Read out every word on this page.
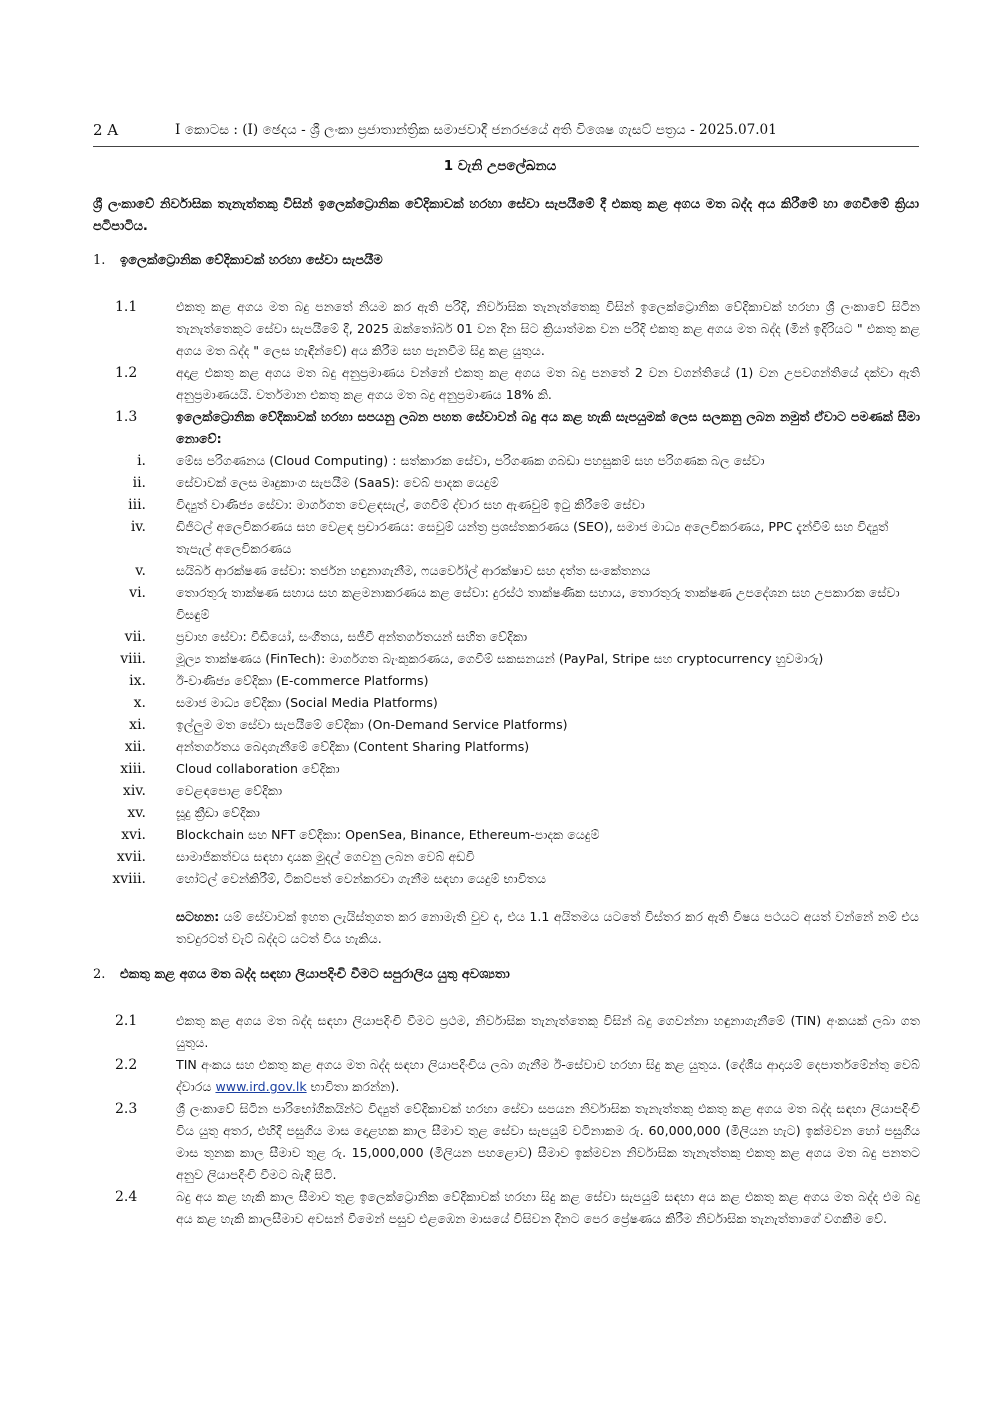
2 A	I කොටස : (I) ඡෙදය - ශ්‍රී ලංකා ප්‍රජාතාන්ත්‍රික සමාජවාදී ජනරජයේ අති විශෙෂ ගැසට් පත්‍රය - 2025.07.01
1 වැනි උපලේඛනය
ශ්‍රී ලංකාවේ නිර්වාසික තැනැත්තකු විසින් ඉලෙක්ට්‍රොනික වේදිකාවක් හරහා සේවා සැපයීමේ දී එකතු කළ අගය මත බද්ද අය කිරීමේ හා ගෙවීමේ ක්‍රියා පටිපාටිය.
1.	ඉලෙක්ට්‍රොනික වේදිකාවක් හරහා සේවා සැපයීම
1.1	එකතු කළ අගය මත බදු පනතේ නියම කර ඇති පරිදි, නිර්වාසික තැනැත්තෙකු විසින් ඉලෙක්ට්‍රොනික වේදිකාවක් හරහා ශ්‍රී ලංකාවේ සිටින තැනැත්තෙකුට සේවා සැපයීමේ දී, 2025 ඔක්තෝබර් 01 වන දින සිට ක්‍රියාත්මක වන පරිදි එකතු කළ අගය මත බද්ද (මින් ඉදිරියට " එකතු කළ අගය මත බද්ද " ලෙස හැඳින්වේ) අය කිරීම සහ පැනවීම සිදු කළ යුතුය.
1.2	අදාළ එකතු කළ අගය මත බදු අනුප්‍රමාණය වන්නේ එකතු කළ අගය මත බදු පනතේ 2 වන වගන්තියේ (1) වන උපවගන්තියේ දක්වා ඇති අනුප්‍රමාණයයි. වර්තමාන එකතු කළ අගය මත බදු අනුප්‍රමාණය 18% කි.
1.3	ඉලෙක්ට්‍රොනික වේදිකාවක් හරහා සපයනු ලබන පහත සේවාවන් බදු අය කළ හැකි සැපයුමක් ලෙස සලකනු ලබන නමුත් ඒවාට පමණක් සීමා නොවේ:
i. මේඝ පරිගණනය (Cloud Computing) : සත්කාරක සේවා, පරිගණක ගබඩා පහසුකම් සහ පරිගණක බල සේවා
ii. සේවාවක් ලෙස මෘදුකාංග සැපයීම (SaaS): වෙබ් පාදක යෙදුම්
iii. විද්‍යුත් වාණිජ්‍ය සේවා: මාර්ගගත වෙළඳසැල්, ගෙවීම් ද්වාර සහ ඇණවුම් ඉටු කිරීමේ සේවා
iv. ඩිජිටල් අලෙවිකරණය සහ වෙළඳ ප්‍රචාරණය: සෙවුම් යන්ත්‍ර ප්‍රශස්තකරණය (SEO), සමාජ මාධ්‍ය අලෙවිකරණය, PPC දැන්වීම් සහ විද්‍යුත් තැපැල් අලෙවිකරණය
v. සයිබර් ආරක්ෂණ සේවා: තර්ජන හඳුනාගැනීම, ෆයර්වෝල් ආරක්ෂාව සහ දත්ත සංකේතනය
vi. තොරතුරු තාක්ෂණ සහාය සහ කළමනාකරණය කළ සේවා: දුරස්ථ තාක්ෂණික සහාය, තොරතුරු තාක්ෂණ උපදේශන සහ උපකාරක සේවා විසඳුම්
vii. ප්‍රවාහ සේවා: වීඩියෝ, සංගීතය, සජීවී අන්තර්ගතයන් සහිත වේදිකා
viii. මූල්‍ය තාක්ෂණය (FinTech): මාර්ගගත බැංකුකරණය, ගෙවීම් සකසනයන් (PayPal, Stripe සහ cryptocurrency හුවමාරු)
ix. ඊ-වාණිජ්‍ය වේදිකා (E-commerce Platforms)
x. සමාජ මාධ්‍ය වේදිකා (Social Media Platforms)
xi. ඉල්ලුම මත සේවා සැපයීමේ වේදිකා (On-Demand Service Platforms)
xii. අන්තර්ගතය බෙදාගැනීමේ වේදිකා (Content Sharing Platforms)
xiii. Cloud collaboration වේදිකා
xiv. වෙළඳපොළ වේදිකා
xv. සූදු ක්‍රීඩා වේදිකා
xvi. Blockchain සහ NFT වේදිකා: OpenSea, Binance, Ethereum-පාදක යෙදුම්
xvii. සාමාජිකත්වය සඳහා දායක මුදල් ගෙවනු ලබන වෙබ් අඩවි
xviii. හෝටල් වෙන්කිරීම්, ටිකට්පත් වෙන්කරවා ගැනීම සඳහා යෙදුම් භාවිතය
සටහන: යම් සේවාවක් ඉහත ලැයිස්තුගත කර නොමැති වුව ද, එය 1.1 අයිතමය යටතේ විස්තර කර ඇති විෂය පථයට අයත් වන්නේ නම් එය තවදුරටත් වැට් බද්දට යටත් විය හැකිය.
2.	එකතු කළ අගය මත බද්ද සඳහා ලියාපදිංචි වීමට සපුරාලිය යුතු අවශ්‍යතා
2.1	එකතු කළ අගය මත බද්ද සඳහා ලියාපදිංචි වීමට ප්‍රථම, නිර්වාසික තැනැත්තෙකු විසින් බදු ගෙවන්නා හඳුනාගැනීමේ (TIN) අංකයක් ලබා ගත යුතුය.
2.2	TIN අංකය සහ එකතු කළ අගය මත බද්ද සඳහා ලියාපදිංචිය ලබා ගැනීම ඊ-සේවාව හරහා සිදු කළ යුතුය. (දේශීය ආදායම් දෙපාර්තමේන්තු වෙබ් ද්වාරය www.ird.gov.lk භාවිතා කරන්න).
2.3	ශ්‍රී ලංකාවේ සිටින පාරිභෝගිකයින්ට විද්‍යුත් වේදිකාවක් හරහා සේවා සපයන නිර්වාසික තැනැත්තකු එකතු කළ අගය මත බද්ද සඳහා ලියාපදිංචි විය යුතු අතර, එහිදී පසුගිය මාස දොළහක කාල සීමාව තුළ සේවා සැපයුම් වටිනාකම රු. 60,000,000 (මිලියන හැට) ඉක්මවන හෝ පසුගිය මාස තුනක කාල සීමාව තුළ රු. 15,000,000 (මිලියන පහළොව) සීමාව ඉක්මවන නිර්වාසික තැනැත්තකු එකතු කළ අගය මත බදු පනතට අනුව ලියාපදිංචි වීමට බැඳී සිටී.
2.4	බදු අය කළ හැකි කාල සීමාව තුළ ඉලෙක්ට්‍රොනික වේදිකාවක් හරහා සිදු කළ සේවා සැපයුම් සඳහා අය කළ එකතු කළ අගය මත බද්ද එම බදු අය කළ හැකි කාලසීමාව අවසන් වීමෙන් පසුව එළඹෙන මාසයේ විසිවන දිනට පෙර ප්‍රේෂණය කිරීම නිර්වාසික තැනැත්තාගේ වගකීම වේ.
